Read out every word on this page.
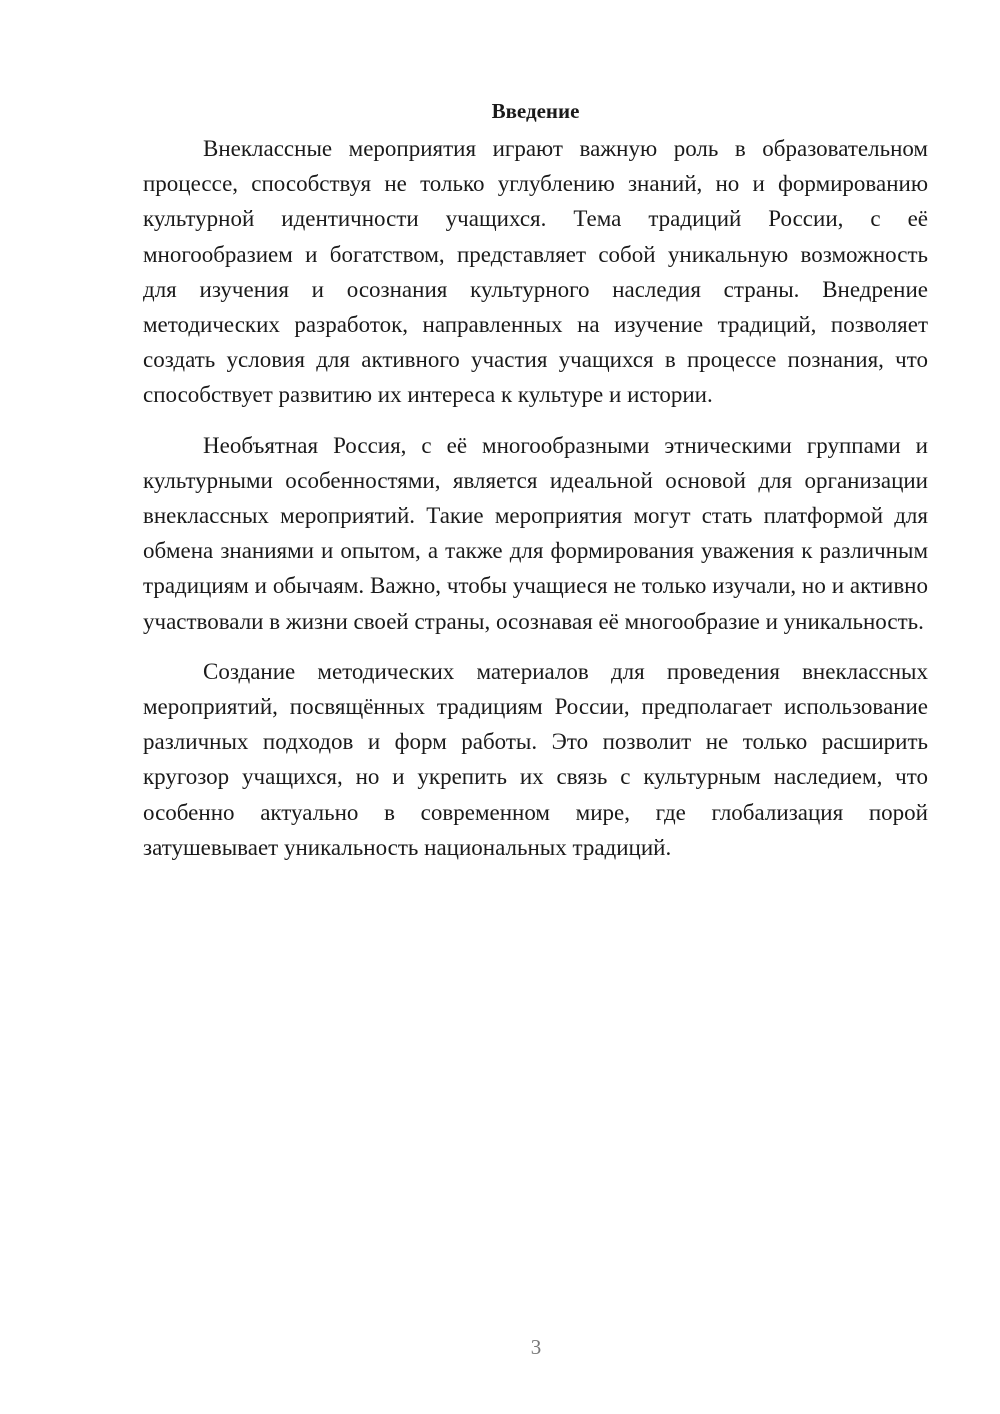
Введение

Внеклассные мероприятия играют важную роль в образовательном процессе, способствуя не только углублению знаний, но и формированию культурной идентичности учащихся. Тема традиций России, с её многообразием и богатством, представляет собой уникальную возможность для изучения и осознания культурного наследия страны. Внедрение методических разработок, направленных на изучение традиций, позволяет создать условия для активного участия учащихся в процессе познания, что способствует развитию их интереса к культуре и истории.

Необъятная Россия, с её многообразными этническими группами и культурными особенностями, является идеальной основой для организации внеклассных мероприятий. Такие мероприятия могут стать платформой для обмена знаниями и опытом, а также для формирования уважения к различным традициям и обычаям. Важно, чтобы учащиеся не только изучали, но и активно участвовали в жизни своей страны, осознавая её многообразие и уникальность.

Создание методических материалов для проведения внеклассных мероприятий, посвящённых традициям России, предполагает использование различных подходов и форм работы. Это позволит не только расширить кругозор учащихся, но и укрепить их связь с культурным наследием, что особенно актуально в современном мире, где глобализация порой затушевывает уникальность национальных традиций.

3
